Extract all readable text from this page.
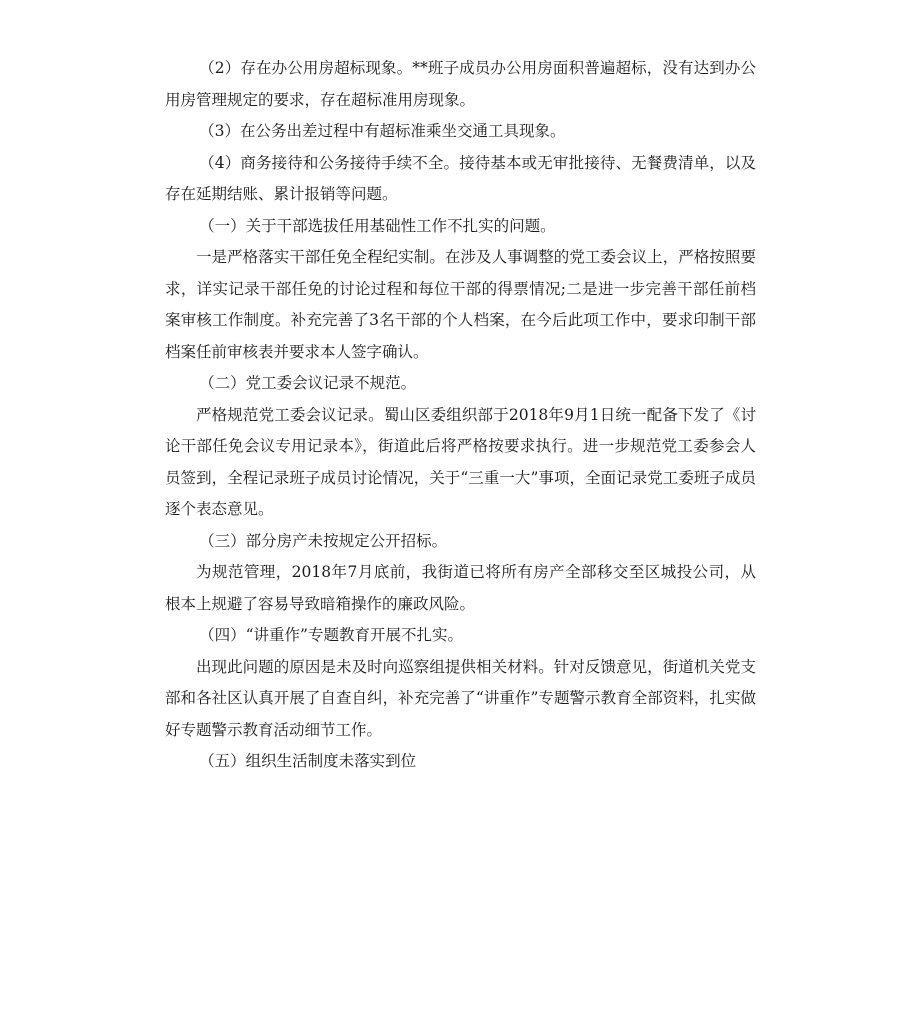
（2）存在办公用房超标现象。**班子成员办公用房面积普遍超标，没有达到办公用房管理规定的要求，存在超标准用房现象。

（3）在公务出差过程中有超标准乘坐交通工具现象。

（4）商务接待和公务接待手续不全。接待基本或无审批接待、无餐费清单，以及存在延期结账、累计报销等问题。

（一）关于干部选拔任用基础性工作不扎实的问题。

一是严格落实干部任免全程纪实制。在涉及人事调整的党工委会议上，严格按照要求，详实记录干部任免的讨论过程和每位干部的得票情况;二是进一步完善干部任前档案审核工作制度。补充完善了3名干部的个人档案，在今后此项工作中，要求印制干部档案任前审核表并要求本人签字确认。

（二）党工委会议记录不规范。

严格规范党工委会议记录。蜀山区委组织部于2018年9月1日统一配备下发了《讨论干部任免会议专用记录本》，街道此后将严格按要求执行。进一步规范党工委参会人员签到，全程记录班子成员讨论情况，关于“三重一大”事项，全面记录党工委班子成员逐个表态意见。

（三）部分房产未按规定公开招标。

为规范管理，2018年7月底前，我街道已将所有房产全部移交至区城投公司，从根本上规避了容易导致暗箱操作的廉政风险。

（四）“讲重作”专题教育开展不扎实。

出现此问题的原因是未及时向巡察组提供相关材料。针对反馈意见，街道机关党支部和各社区认真开展了自查自纠，补充完善了“讲重作”专题警示教育全部资料，扎实做好专题警示教育活动细节工作。

（五）组织生活制度未落实到位
